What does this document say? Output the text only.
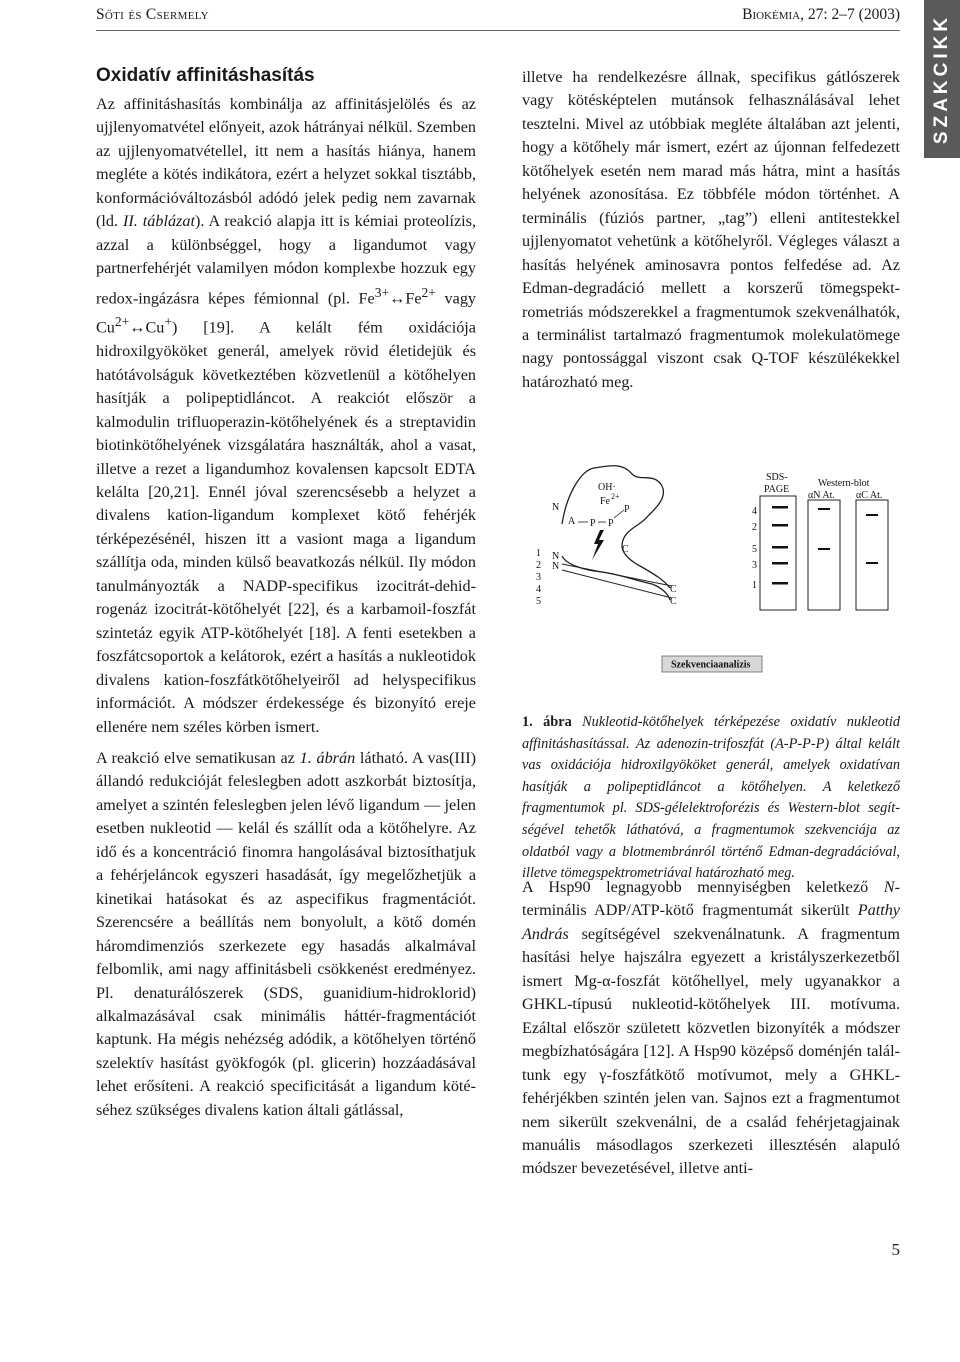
Sőti és Csermely	Biokémia, 27: 2–7 (2003) SZAKCIKK
Oxidatív affinitáshasítás

Az affinitáshasítás kombinálja az affinitásjelölés és az ujjlenyomatvétel előnyeit, azok hátrányai nélkül. Szemben az ujjlenyomatvétellel, itt nem a hasítás hiánya, hanem megléte a kötés indikátora, ezért a helyzet sokkal tisztább, konformációváltozásból adódó jelek pedig nem zavarnak (ld. II. táblázat). A reakció alapja itt is kémiai proteolízis, azzal a különbséggel, hogy a ligandumot vagy partnerfehérjét valamilyen módon komplexbe hozzuk egy redox-ingázásra képes fémionnal (pl. $Fe^{3+}\leftrightarrow Fe^{2+}$ vagy $Cu^{2+}\leftrightarrow Cu^+$) [19]. A kelált fém oxidációja hidroxilgyököket generál, amelyek rövid életidejük és hatótávolságuk következtében közvetlenül a kötőhelyen hasítják a polipeptidláncot. A reakciót először a kalmodulin trifluoperazin-kötőhelyének és a streptavidin biotinkötőhelyének vizsgálatára használták, ahol a vasat, illetve a rezet a ligandumhoz kovalensen kapcsolt EDTA kelálta [20,21]. Ennél jóval szerencsésebb a helyzet a divalens kation-ligandum komplexet kötő fehérjék térképezésénél, hiszen itt a vasiont maga a ligandum szállítja oda, minden külső beavatkozás nélkül. Ily módon tanulmányozták a NADP-specifikus izocitrát-dehidrogenáz izocitrát-kötőhelyét [22], és a karbamoil-foszfát szintetáz egyik ATP-kötőhelyét [18]. A fenti esetekben a foszfátcsoportok a kelátorok, ezért a hasítás a nukleotidok divalens kation-foszfátkötőhelyeiről ad helyspecifikus információt. A módszer érdekessége és bizonyító ereje ellenére nem széles körben ismert.

A reakció elve sematikusan az 1. ábrán látható. A vas(III) állandó redukcióját feleslegben adott aszkorbát biztosítja, amelyet a szintén feleslegben jelen lévő ligandum — jelen esetben nukleotid — kelál és szállít oda a kötőhelyre. Az idő és a koncentráció finomra hangolásával biztosíthatjuk a fehérjeláncok egyszeri hasadását, így megelőzhetjük a kinetikai hatásokat és az aspecifikus fragmentációt. Szerencsére a beállítás nem bonyolult, a kötő domén háromdimenziós szerkezete egy hasadás alkalmával felbomlik, ami nagy affinitásbeli csökkenést eredményez. Pl. denaturálószerek (SDS, guanidium-hidroklorid) alkalmazásával csak minimális háttér-fragmentációt kaptunk. Ha mégis nehézség adódik, a kötőhelyen történő szelektív hasítást gyökfogók (pl. glicerin) hozzáadásával lehet erősíteni. A reakció specificitását a ligandum kötéséhez szükséges divalens kation általi gátlással,

illetve ha rendelkezésre állnak, specifikus gátlószerek vagy kötésképtelen mutánsok felhasználásával lehet tesztelni. Mivel az utóbbiak megléte általában azt jelenti, hogy a kötőhely már ismert, ezért az újonnan felfedezett kötőhelyek esetén nem marad más hátra, mint a hasítás helyének azonosítása. Ez többféle módon történhet. A terminális (fúziós partner, „tag”) elleni antitestekkel ujjlenyomatot vehetünk a kötőhelyről. Végleges választ a hasítás helyének aminosavra pontos felfedése ad. Az Edman-degradáció mellett a korszerű tömegspektrometriás módszerekkel a fragmentumok szekvenálhatók, a terminálist tartalmazó fragmentumok molekulatömege nagy pontossággal viszont csak Q-TOF készülékekkel határozható meg.

N
A P P
P
OH·
Fe 2+
C
N
N
C
C
1
2
3
4
5
SDS-
PAGE
4
2
5
3
1
Western-blot
αN At. αC At.
Szekvenciaanalízis
1. ábra Nukleotid-kötőhelyek térképezése oxidatív nukleotid affinitáshasítással. Az adenozin-trifoszfát (A-P-P-P) által kelált vas oxidációja hidroxilgyököket generál, amelyek oxidatívan hasítják a polipeptidláncot a kötőhelyen. A keletkező fragmentumok pl. SDS-gélelektroforézis és Western-blot segítségével tehetők láthatóvá, a fragmentumok szekvenciája az oldatból vagy a blotmembránról történő Edman-degradációval, illetve tömegspektrometriával határozható meg.

A Hsp90 legnagyobb mennyiségben keletkező N-terminális ADP/ATP-kötő fragmentumát sikerült Patthy András segítségével szekvenálnatunk. A fragmentum hasítási helye hajszálra egyezett a kristályszerkezetből ismert Mg-α-foszfát kötőhellyel, mely ugyanakkor a GHKL-típusú nukleotid-kötőhelyek III. motívuma. Ezáltal először született közvetlen bizonyíték a módszer megbízhatóságára [12]. A Hsp90 középső doménjén találtunk egy γ-foszfátkötő motívumot, mely a GHKL-fehérjékben szintén jelen van. Sajnos ezt a fragmentumot nem sikerült szekvenálni, de a család fehérjetagjainak manuális másodlagos szerkezeti illesztésén alapuló módszer bevezetésével, illetve anti-

5
